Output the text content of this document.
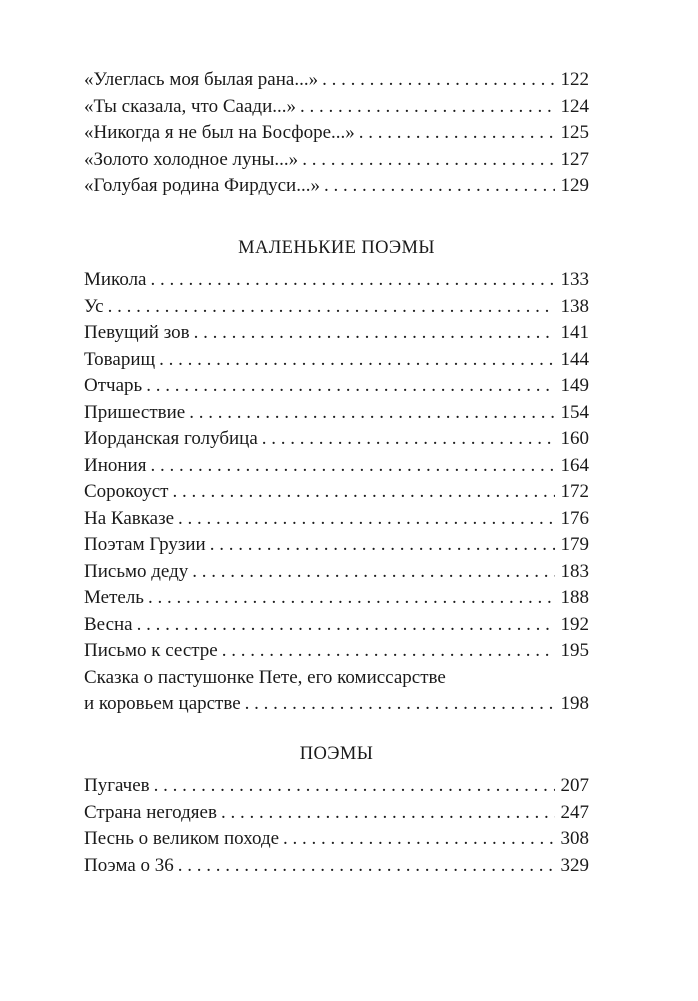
«Улеглась моя былая рана...» . . .	122
«Ты сказала, что Саади...» . . .	124
«Никогда я не был на Босфоре...» . . .	125
«Золото холодное луны...» . . .	127
«Голубая родина Фирдуси...» . . .	129
МАЛЕНЬКИЕ ПОЭМЫ
Микола . . .	133
Ус . . .	138
Певущий зов . . .	141
Товарищ . . .	144
Отчарь . . .	149
Пришествие . . .	154
Иорданская голубица . . .	160
Инония . . .	164
Сорокоуст . . .	172
На Кавказе . . .	176
Поэтам Грузии . . .	179
Письмо деду . . .	183
Метель . . .	188
Весна . . .	192
Письмо к сестре . . .	195
Сказка о пастушонке Пете, его комиссарстве
и коровьем царстве . . .	198
ПОЭМЫ
Пугачев . . .	207
Страна негодяев . . .	247
Песнь о великом походе . . .	308
Поэма о 36 . . .	329
